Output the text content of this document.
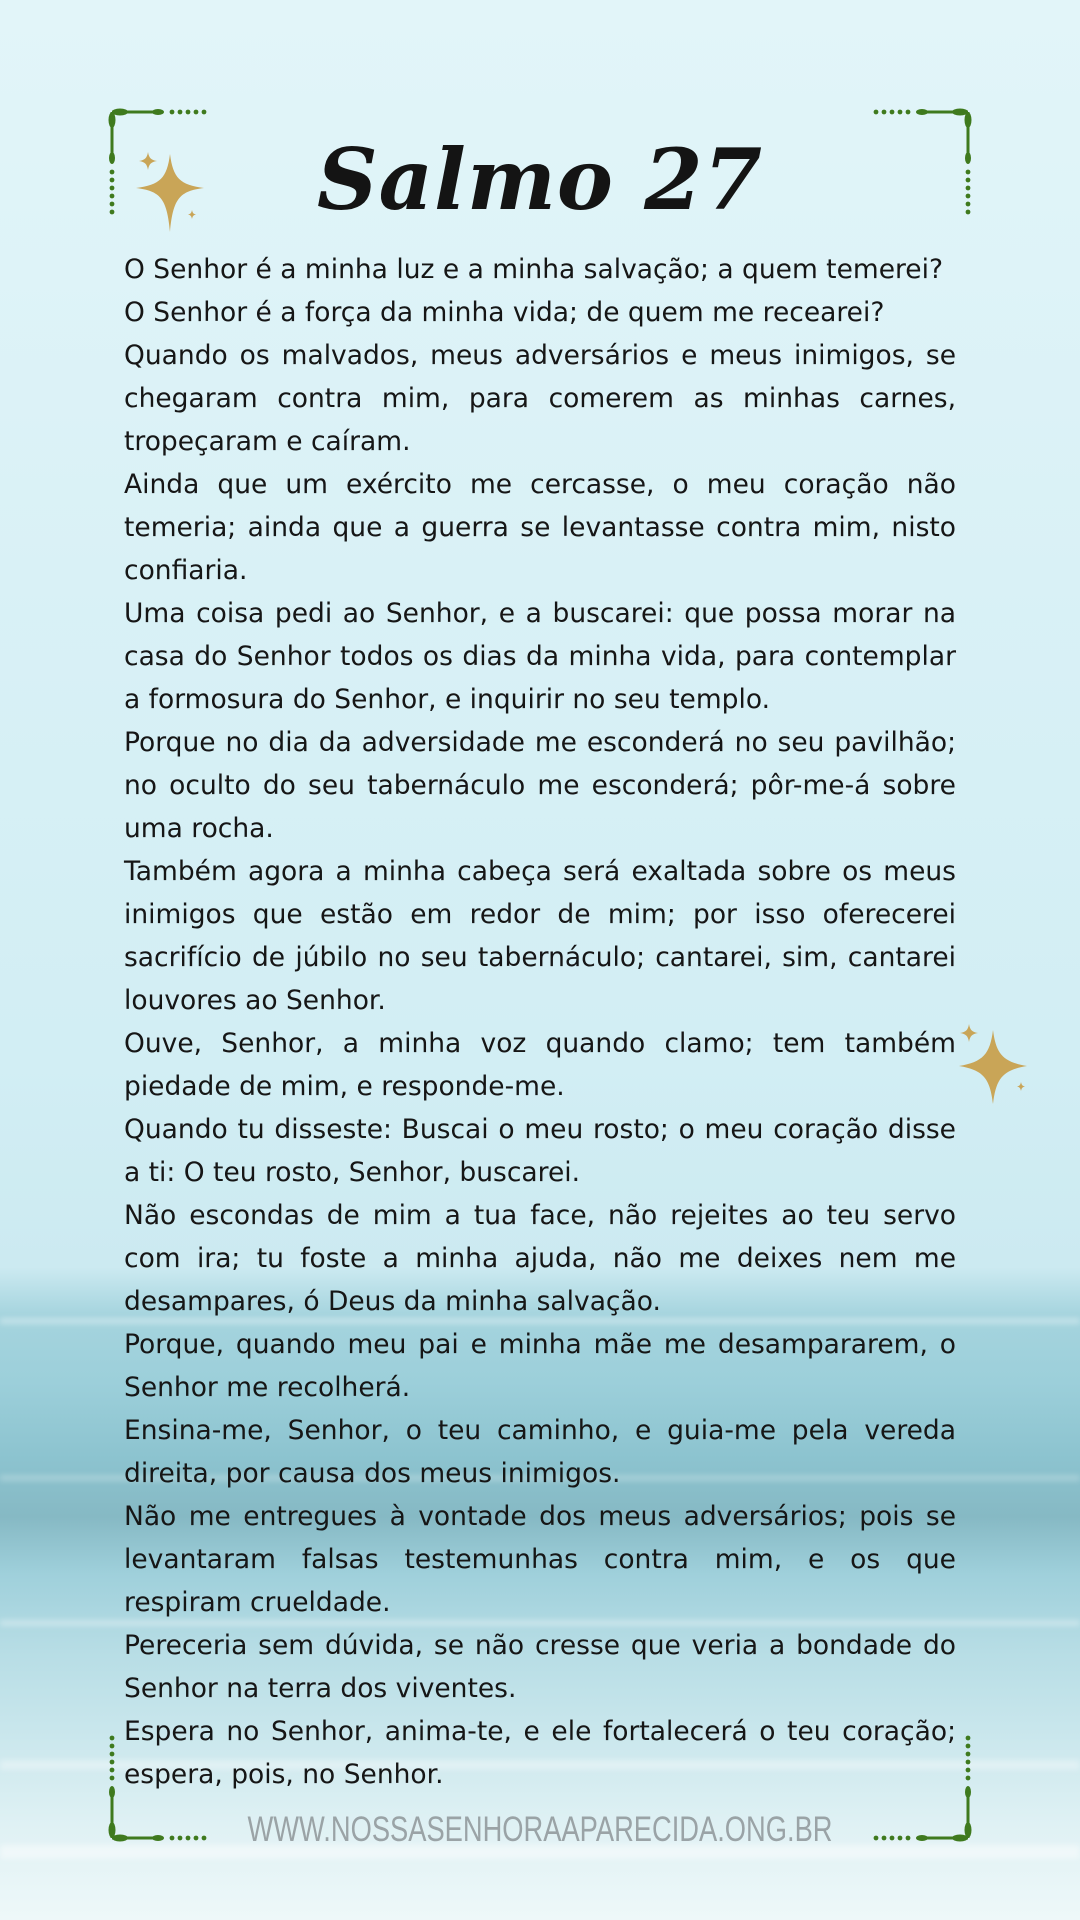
Salmo 27

O Senhor é a minha luz e a minha salvação; a quem temerei?

O Senhor é a força da minha vida; de quem me recearei?

Quando os malvados, meus adversários e meus inimigos, se chegaram contra mim, para comerem as minhas carnes, tropeçaram e caíram.

Ainda que um exército me cercasse, o meu coração não temeria; ainda que a guerra se levantasse contra mim, nisto confiaria.

Uma coisa pedi ao Senhor, e a buscarei: que possa morar na casa do Senhor todos os dias da minha vida, para contemplar a formosura do Senhor, e inquirir no seu templo.

Porque no dia da adversidade me esconderá no seu pavilhão; no oculto do seu tabernáculo me esconderá; pôr-me-á sobre uma rocha.

Também agora a minha cabeça será exaltada sobre os meus inimigos que estão em redor de mim; por isso oferecerei sacrifício de júbilo no seu tabernáculo; cantarei, sim, cantarei louvores ao Senhor.

Ouve, Senhor, a minha voz quando clamo; tem também piedade de mim, e responde-me.

Quando tu disseste: Buscai o meu rosto; o meu coração disse a ti: O teu rosto, Senhor, buscarei.

Não escondas de mim a tua face, não rejeites ao teu servo com ira; tu foste a minha ajuda, não me deixes nem me desampares, ó Deus da minha salvação.

Porque, quando meu pai e minha mãe me desampararem, o Senhor me recolherá.

Ensina-me, Senhor, o teu caminho, e guia-me pela vereda direita, por causa dos meus inimigos.

Não me entregues à vontade dos meus adversários; pois se levantaram falsas testemunhas contra mim, e os que respiram crueldade.

Pereceria sem dúvida, se não cresse que veria a bondade do Senhor na terra dos viventes.

Espera no Senhor, anima-te, e ele fortalecerá o teu coração; espera, pois, no Senhor.

WWW.NOSSASENHORAAPARECIDA.ONG.BR
